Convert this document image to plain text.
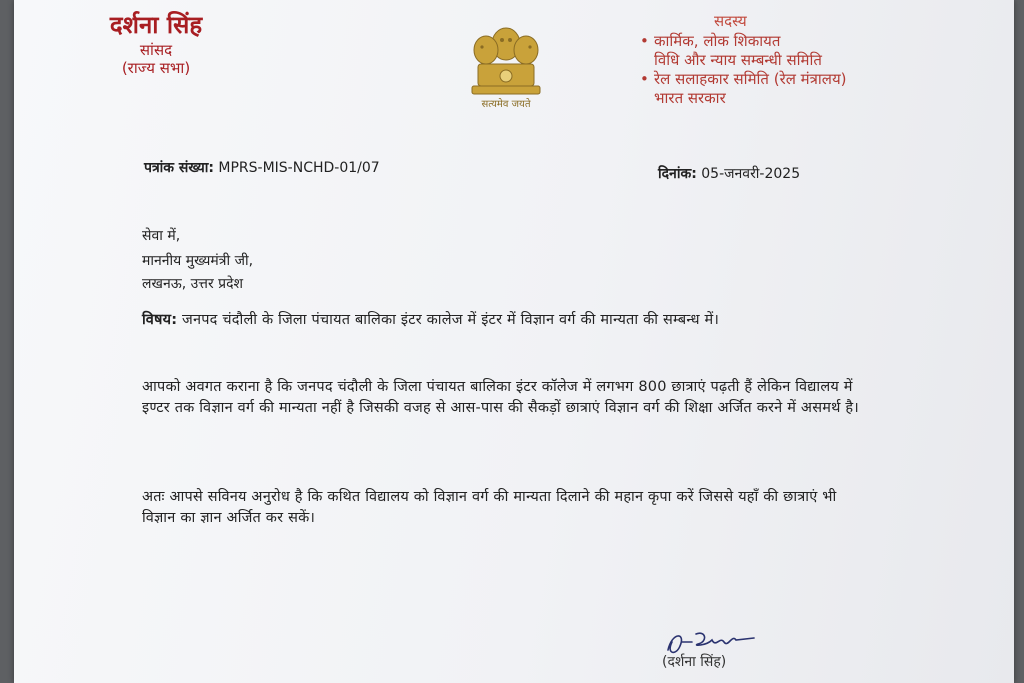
दर्शना सिंह
सांसद
(राज्य सभा)
सत्यमेव जयते
सदस्य
• कार्मिक, लोक शिकायत
विधि और न्याय सम्बन्धी समिति
• रेल सलाहकार समिति (रेल मंत्रालय)
भारत सरकार
पत्रांक संख्या: MPRS-MIS-NCHD-01/07	दिनांक: 05-जनवरी-2025
सेवा में,
माननीय मुख्यमंत्री जी,
लखनऊ, उत्तर प्रदेश
विषय: जनपद चंदौली के जिला पंचायत बालिका इंटर कालेज में इंटर में विज्ञान वर्ग की मान्यता की सम्बन्ध में।
आपको अवगत कराना है कि जनपद चंदौली के जिला पंचायत बालिका इंटर कॉलेज में लगभग 800 छात्राएं पढ़ती हैं लेकिन विद्यालय में इण्टर तक विज्ञान वर्ग की मान्यता नहीं है जिसकी वजह से आस-पास की सैकड़ों छात्राएं विज्ञान वर्ग की शिक्षा अर्जित करने में असमर्थ है।
अतः आपसे सविनय अनुरोध है कि कथित विद्यालय को विज्ञान वर्ग की मान्यता दिलाने की महान कृपा करें जिससे यहाँ की छात्राएं भी विज्ञान का ज्ञान अर्जित कर सकें।
(दर्शना सिंह)
